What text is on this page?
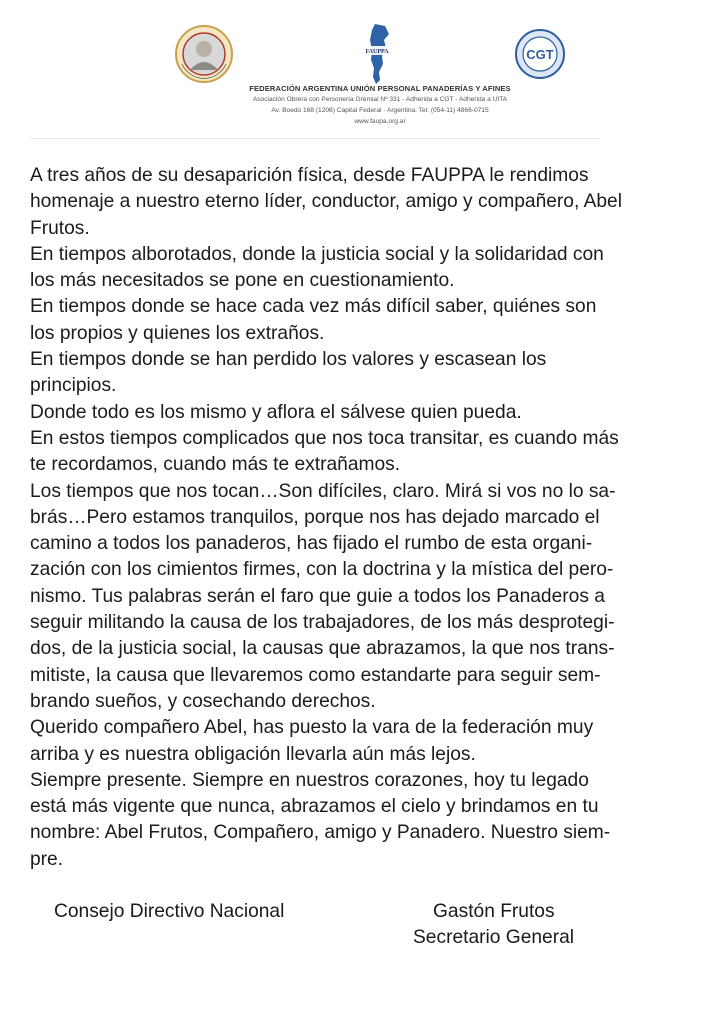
FAUPPA	CGT
FEDERACIÓN ARGENTINA UNIÓN PERSONAL PANADERÍAS Y AFINES
Asociación Obrera con Personería Gremial Nº 331 - Adherida a CGT - Adherida a UITA
Av. Boedo 168 (1206) Capital Federal - Argentina. Tel: (054-11) 4866-0715
www.faupa.org.ar

A tres años de su desaparición física, desde FAUPPA le rendimos

homenaje a nuestro eterno líder, conductor, amigo y compañero, Abel

Frutos.

En tiempos alborotados, donde la justicia social y la solidaridad con

los más necesitados se pone en cuestionamiento.

En tiempos donde se hace cada vez más difícil saber, quiénes son

los propios y quienes los extraños.

En tiempos donde se han perdido los valores y escasean los

principios.

Donde todo es los mismo y aflora el sálvese quien pueda.

En estos tiempos complicados que nos toca transitar, es cuando más

te recordamos, cuando más te extrañamos.

Los tiempos que nos tocan…Son difíciles, claro. Mirá si vos no lo sa-

brás…Pero estamos tranquilos, porque nos has dejado marcado el

camino a todos los panaderos, has fijado el rumbo de esta organi-

zación con los cimientos firmes, con la doctrina y la mística del pero-

nismo. Tus palabras serán el faro que guie a todos los Panaderos a

seguir militando la causa de los trabajadores, de los más desprotegi-

dos, de la justicia social, la causas que abrazamos, la que nos trans-

mitiste, la causa que llevaremos como estandarte para seguir sem-

brando sueños, y cosechando derechos.

Querido compañero Abel, has puesto la vara de la federación muy

arriba y es nuestra obligación llevarla aún más lejos.

Siempre presente. Siempre en nuestros corazones, hoy tu legado

está más vigente que nunca, abrazamos el cielo y brindamos en tu

nombre: Abel Frutos, Compañero, amigo y Panadero. Nuestro siem-

pre.

Consejo Directivo Nacional	Gastón Frutos
Secretario General
